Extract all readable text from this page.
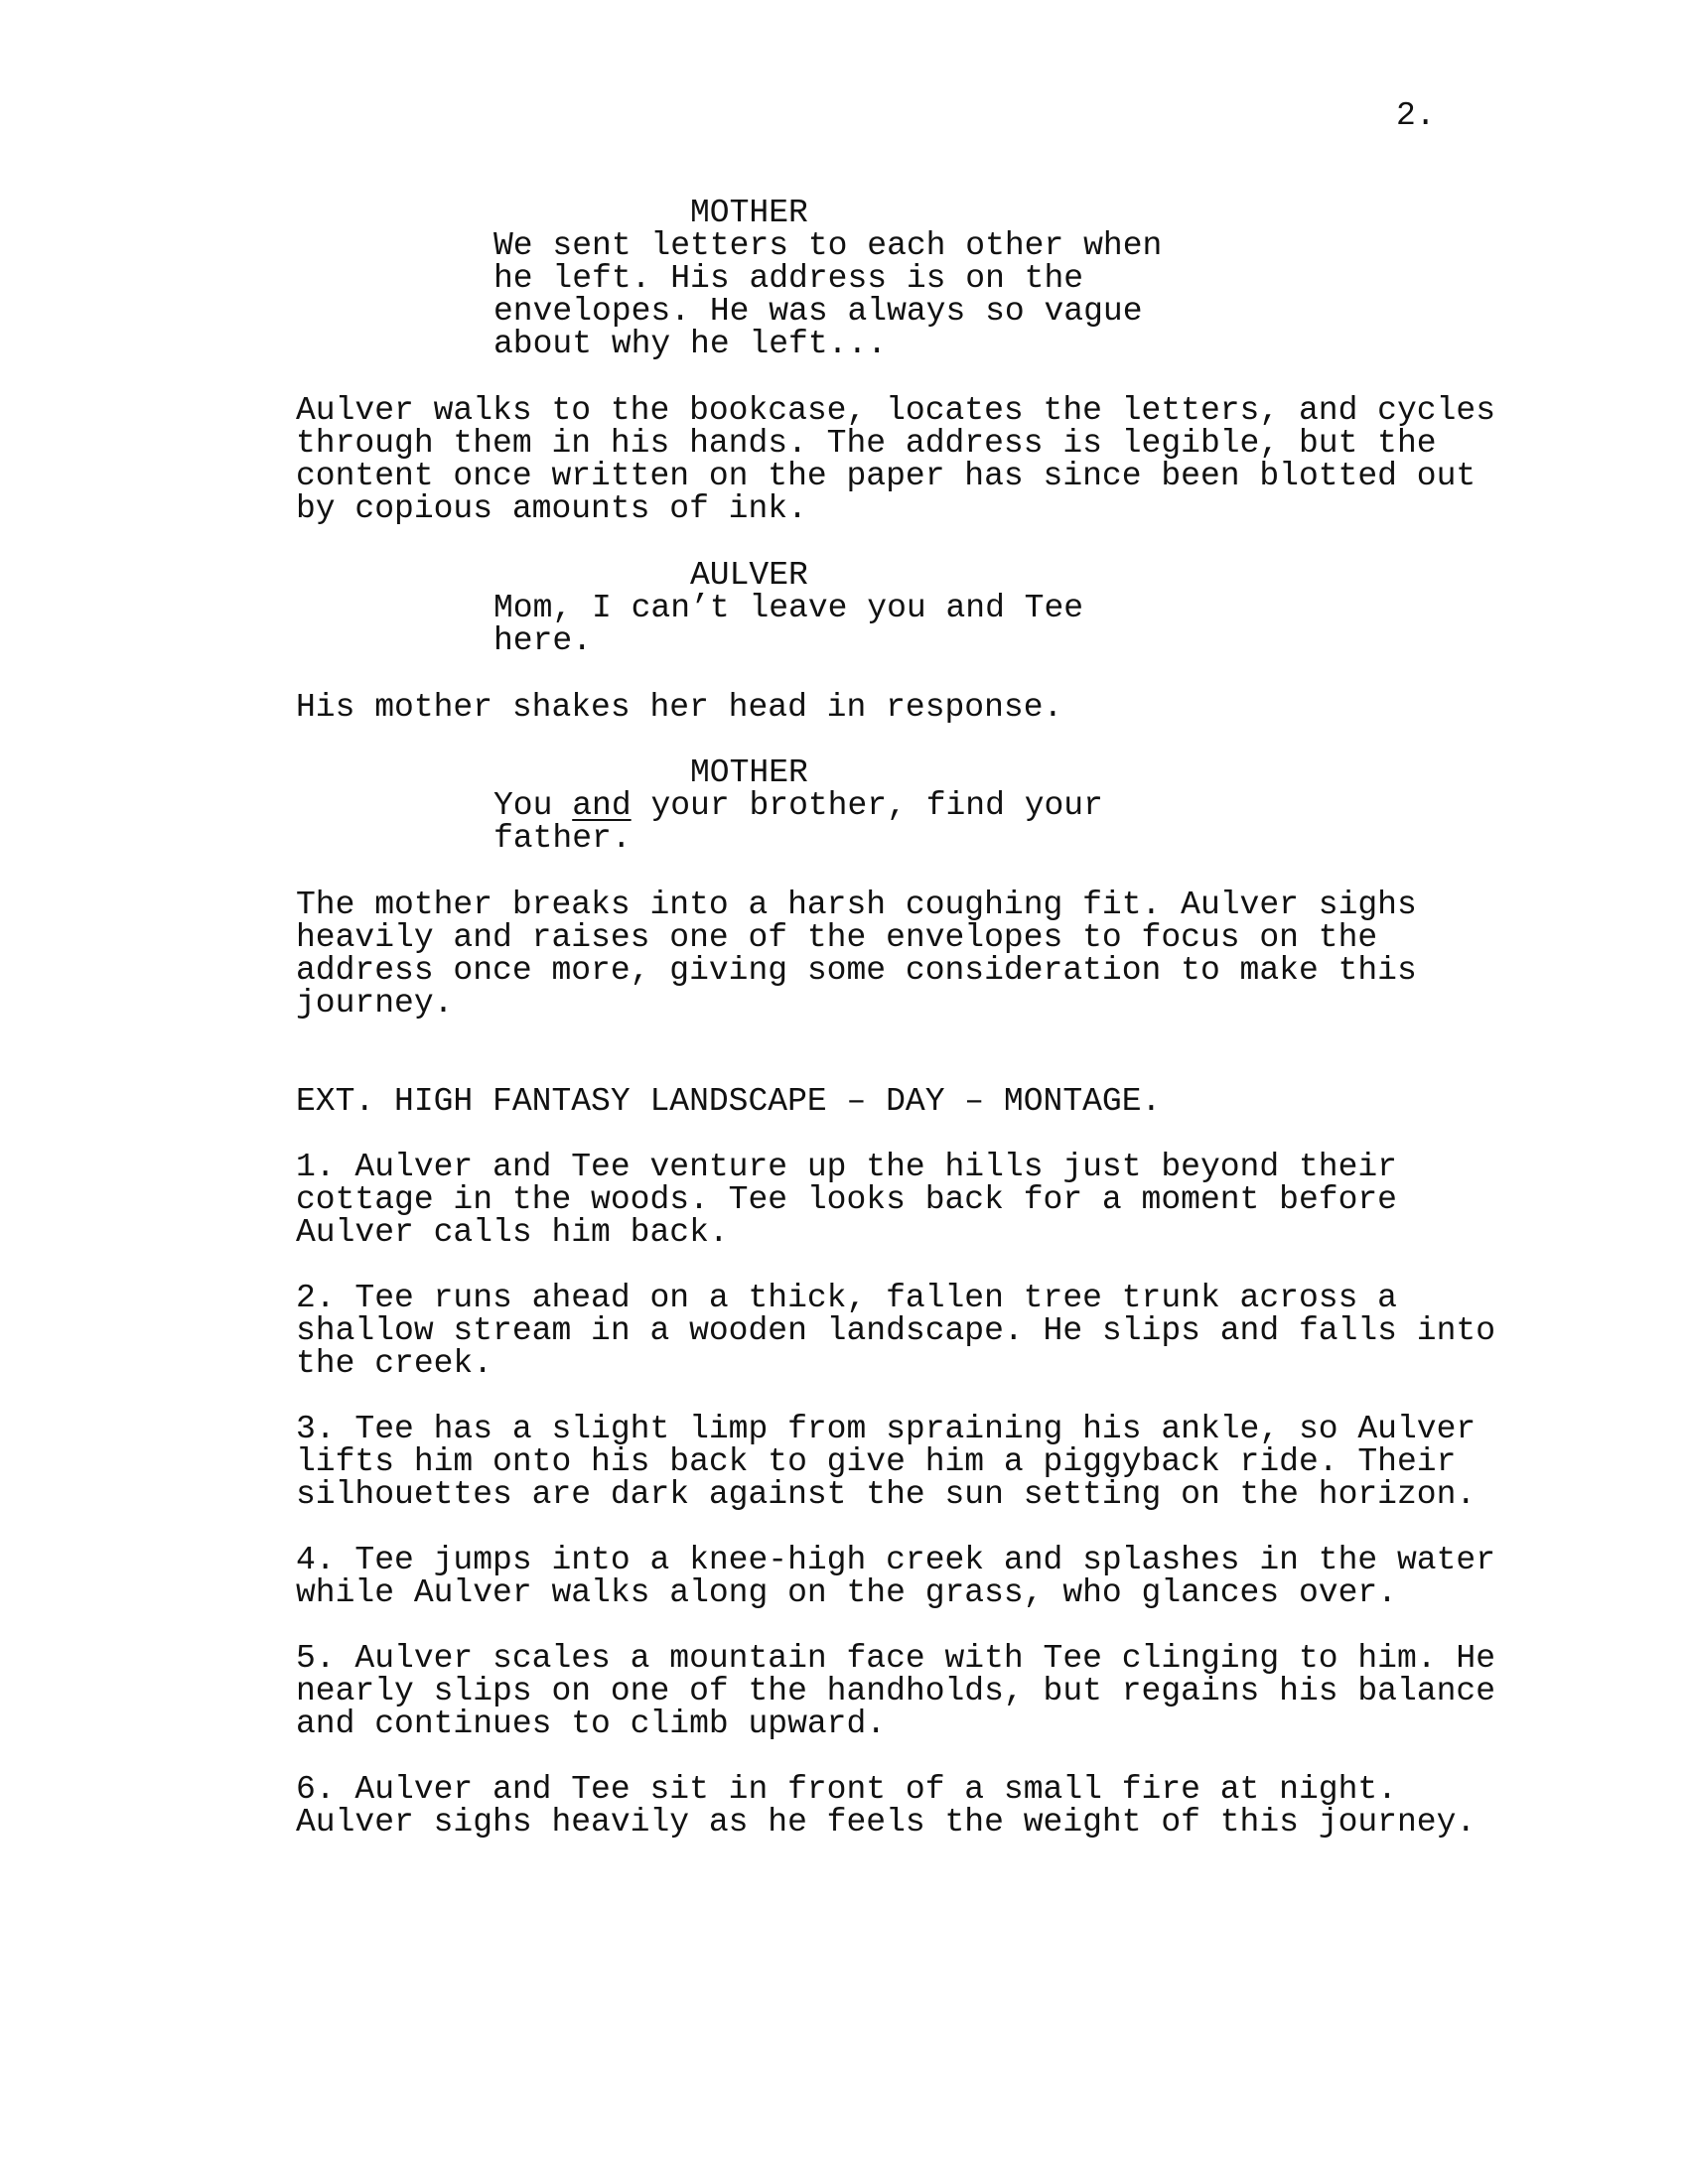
2.
MOTHER
We sent letters to each other when
he left. His address is on the
envelopes. He was always so vague
about why he left...
Aulver walks to the bookcase, locates the letters, and cycles
through them in his hands. The address is legible, but the
content once written on the paper has since been blotted out
by copious amounts of ink.
AULVER
Mom, I can’t leave you and Tee
here.
His mother shakes her head in response.
MOTHER
You and your brother, find your
father.
The mother breaks into a harsh coughing fit. Aulver sighs
heavily and raises one of the envelopes to focus on the
address once more, giving some consideration to make this
journey.
EXT. HIGH FANTASY LANDSCAPE – DAY – MONTAGE.
1. Aulver and Tee venture up the hills just beyond their
cottage in the woods. Tee looks back for a moment before
Aulver calls him back.
2. Tee runs ahead on a thick, fallen tree trunk across a
shallow stream in a wooden landscape. He slips and falls into
the creek.
3. Tee has a slight limp from spraining his ankle, so Aulver
lifts him onto his back to give him a piggyback ride. Their
silhouettes are dark against the sun setting on the horizon.
4. Tee jumps into a knee-high creek and splashes in the water
while Aulver walks along on the grass, who glances over.
5. Aulver scales a mountain face with Tee clinging to him. He
nearly slips on one of the handholds, but regains his balance
and continues to climb upward.
6. Aulver and Tee sit in front of a small fire at night.
Aulver sighs heavily as he feels the weight of this journey.
